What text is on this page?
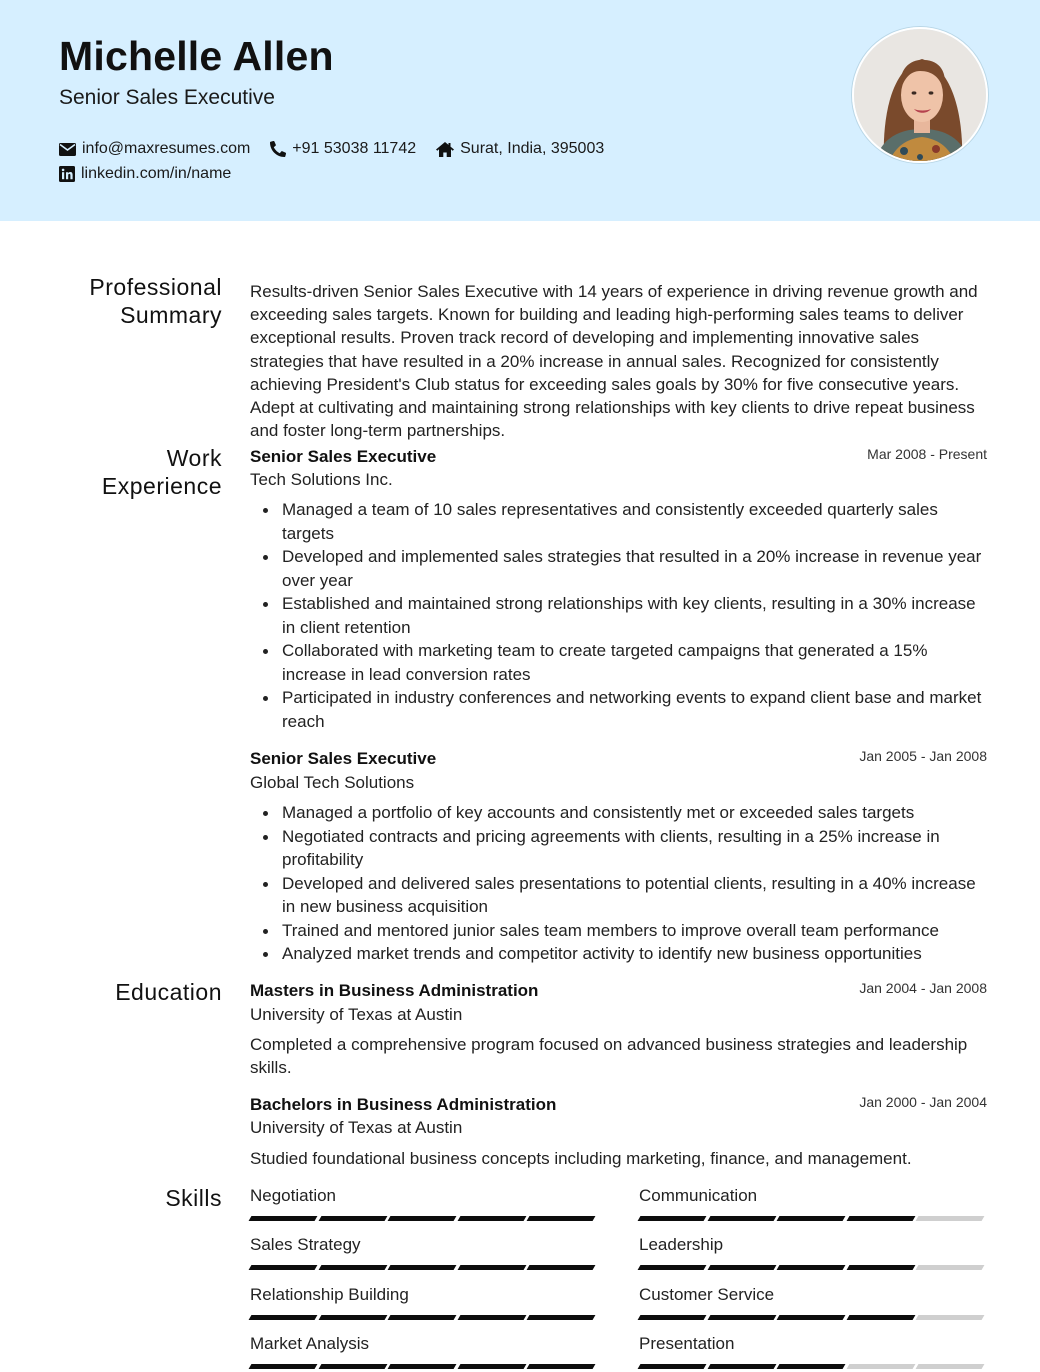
Michelle Allen
Senior Sales Executive
info@maxresumes.com	+91 53038 11742	Surat, India, 395003
linkedin.com/in/name
Professional
Summary
Results-driven Senior Sales Executive with 14 years of experience in driving revenue growth and exceeding sales targets. Known for building and leading high-performing sales teams to deliver exceptional results. Proven track record of developing and implementing innovative sales strategies that have resulted in a 20% increase in annual sales. Recognized for consistently achieving President's Club status for exceeding sales goals by 30% for five consecutive years. Adept at cultivating and maintaining strong relationships with key clients to drive repeat business and foster long-term partnerships.
Work
Experience
Senior Sales Executive	Mar 2008 - Present
Tech Solutions Inc.
Managed a team of 10 sales representatives and consistently exceeded quarterly sales targets
Developed and implemented sales strategies that resulted in a 20% increase in revenue year over year
Established and maintained strong relationships with key clients, resulting in a 30% increase in client retention
Collaborated with marketing team to create targeted campaigns that generated a 15% increase in lead conversion rates
Participated in industry conferences and networking events to expand client base and market reach
Senior Sales Executive	Jan 2005 - Jan 2008
Global Tech Solutions
Managed a portfolio of key accounts and consistently met or exceeded sales targets
Negotiated contracts and pricing agreements with clients, resulting in a 25% increase in profitability
Developed and delivered sales presentations to potential clients, resulting in a 40% increase in new business acquisition
Trained and mentored junior sales team members to improve overall team performance
Analyzed market trends and competitor activity to identify new business opportunities
Education Masters in Business Administration	Jan 2004 - Jan 2008
University of Texas at Austin
Completed a comprehensive program focused on advanced business strategies and leadership skills.
Bachelors in Business Administration	Jan 2000 - Jan 2004
University of Texas at Austin
Studied foundational business concepts including marketing, finance, and management.
Skills Negotiation	Communication
Sales Strategy	Leadership
Relationship Building	Customer Service
Market Analysis	Presentation
